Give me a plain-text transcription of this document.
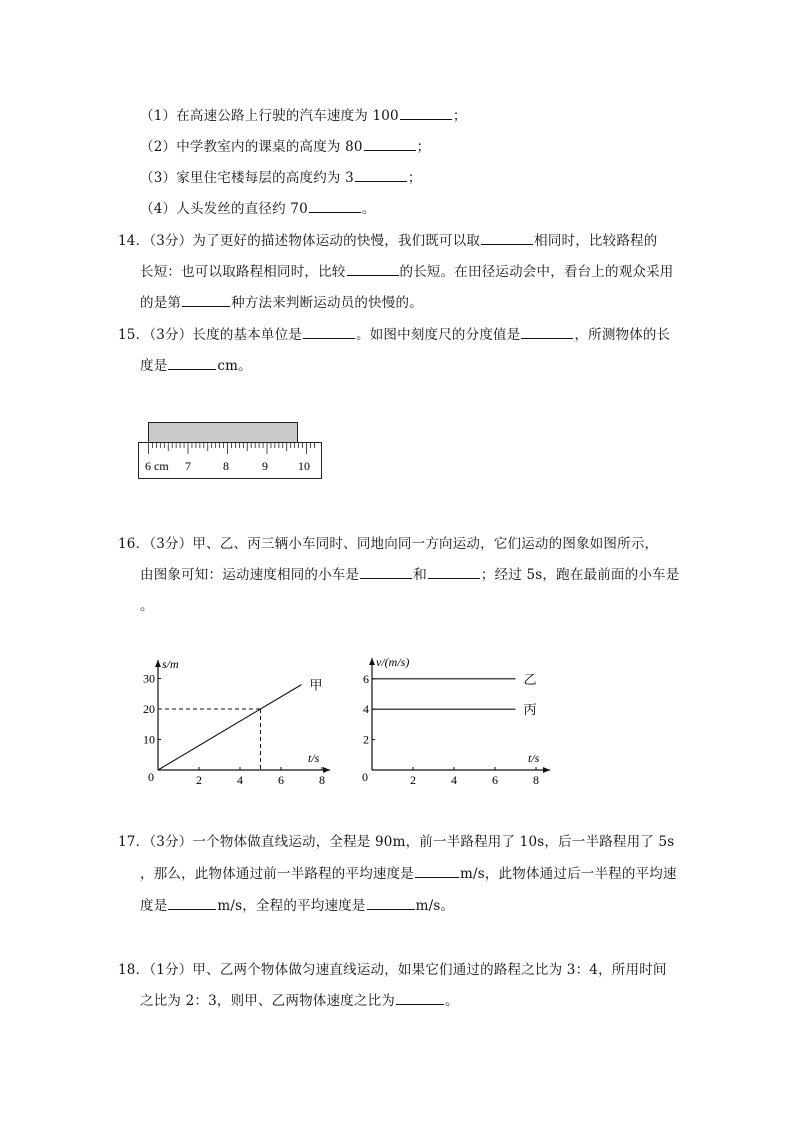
（1）在高速公路上行驶的汽车速度为 100	；
（2）中学教室内的课桌的高度为 80	；
（3）家里住宅楼每层的高度约为 3	；
（4）人头发丝的直径约 70	。
14．（3分）为了更好的描述物体运动的快慢，我们既可以取	相同时，比较路程的
长短：也可以取路程相同时，比较	的长短。在田径运动会中，看台上的观众采用
的是第	种方法来判断运动员的快慢的。
15．（3分）长度的基本单位是	。如图中刻度尺的分度值是	，所测物体的长
度是	cm。
6 cm 7	8	9	10
16．（3分）甲、乙、丙三辆小车同时、同地向同一方向运动，它们运动的图象如图所示，
由图象可知：运动速度相同的小车是	和	；经过 5s，跑在最前面的小车是
。
s/m
t/s
0	2	4	6	8
10
20
30	甲
v/(m/s)
t/s
0	2	4	6	8
2
4
6	乙
丙
17．（3分）一个物体做直线运动，全程是 90m，前一半路程用了 10s，后一半路程用了 5s
，那么，此物体通过前一半路程的平均速度是	m/s，此物体通过后一半程的平均速
度是	m/s，全程的平均速度是	m/s。
18．（1分）甲、乙两个物体做匀速直线运动，如果它们通过的路程之比为 3：4，所用时间
之比为 2：3，则甲、乙两物体速度之比为	。
